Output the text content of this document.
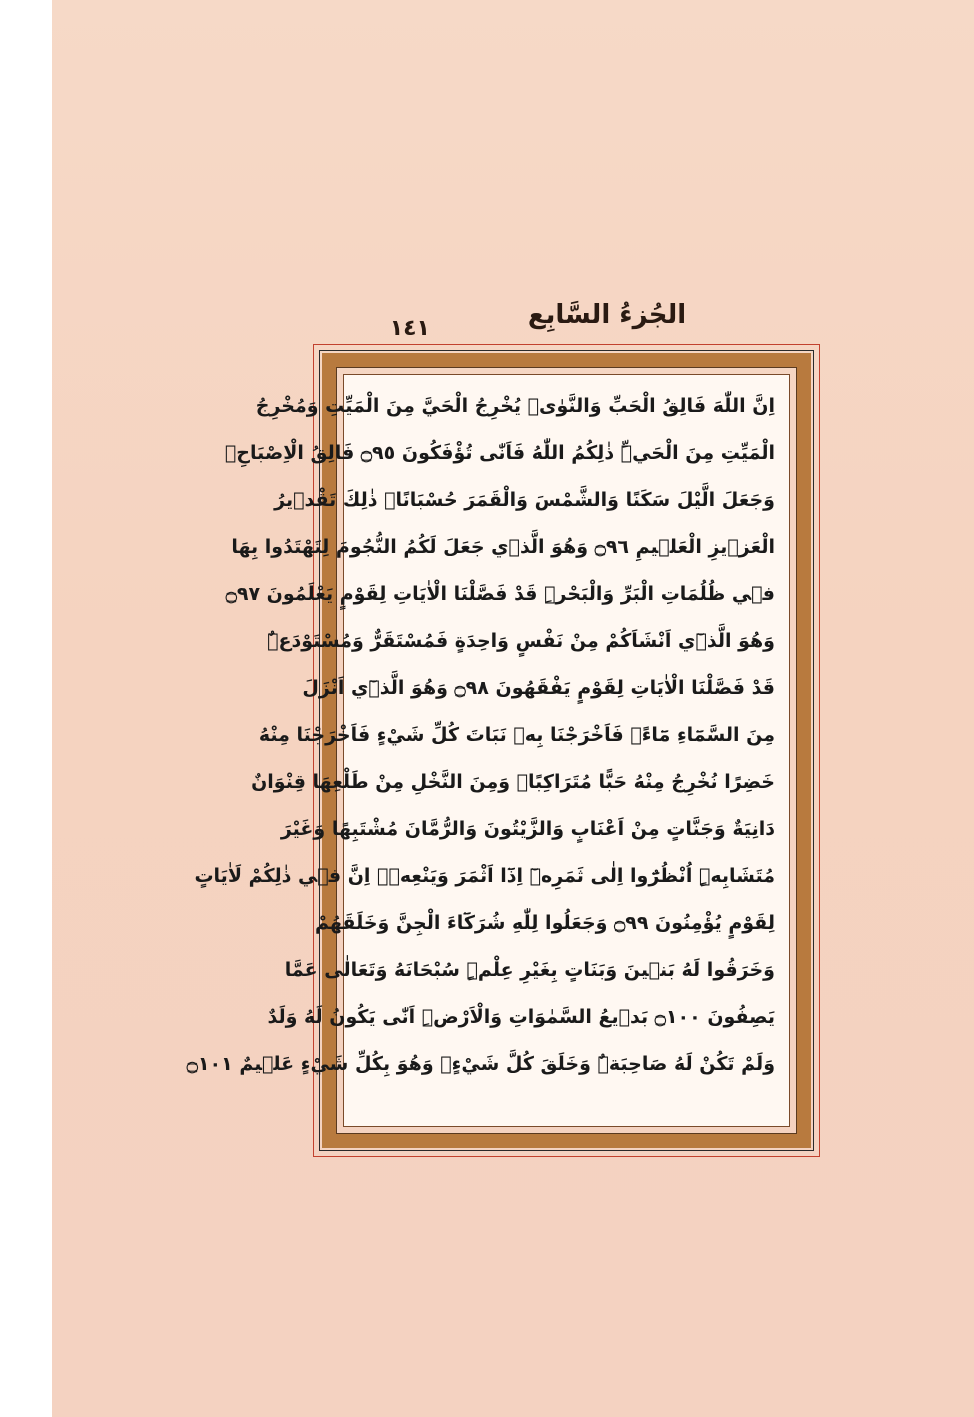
الجُزءُ السَّابِع
١٤١
اِنَّ اللّٰهَ فَالِقُ الْحَبِّ وَالنَّوٰىۜ يُخْرِجُ الْحَيَّ مِنَ الْمَيِّتِ وَمُخْرِجُ
الْمَيِّتِ مِنَ الْحَيِّۜ ذٰلِكُمُ اللّٰهُ فَاَنّٰى تُؤْفَكُونَ ۝٩٥ فَالِقُ الْاِصْبَاحِۚ
وَجَعَلَ الَّيْلَ سَكَنًا وَالشَّمْسَ وَالْقَمَرَ حُسْبَانًاۜ ذٰلِكَ تَقْد۪يرُ
الْعَز۪يزِ الْعَل۪يمِ ۝٩٦ وَهُوَ الَّذ۪ي جَعَلَ لَكُمُ النُّجُومَ لِتَهْتَدُوا بِهَا
ف۪ي ظُلُمَاتِ الْبَرِّ وَالْبَحْرِۜ قَدْ فَصَّلْنَا الْاٰيَاتِ لِقَوْمٍ يَعْلَمُونَ ۝٩٧
وَهُوَ الَّذ۪ٓي اَنْشَاَكُمْ مِنْ نَفْسٍ وَاحِدَةٍ فَمُسْتَقَرٌّ وَمُسْتَوْدَعٌۜ
قَدْ فَصَّلْنَا الْاٰيَاتِ لِقَوْمٍ يَفْقَهُونَ ۝٩٨ وَهُوَ الَّذ۪ٓي اَنْزَلَ
مِنَ السَّمَٓاءِ مَٓاءًۚ فَاَخْرَجْنَا بِه۪ نَبَاتَ كُلِّ شَيْءٍ فَاَخْرَجْنَا مِنْهُ
خَضِرًا نُخْرِجُ مِنْهُ حَبًّا مُتَرَاكِبًاۚ وَمِنَ النَّخْلِ مِنْ طَلْعِهَا قِنْوَانٌ
دَانِيَةٌ وَجَنَّاتٍ مِنْ اَعْنَابٍ وَالزَّيْتُونَ وَالرُّمَّانَ مُشْتَبِهًا وَغَيْرَ
مُتَشَابِهٍۜ اُنْظُرُٓوا اِلٰى ثَمَرِه۪ٓ اِذَٓا اَثْمَرَ وَيَنْعِه۪ۜ اِنَّ ف۪ي ذٰلِكُمْ لَاٰيَاتٍ
لِقَوْمٍ يُؤْمِنُونَ ۝٩٩ وَجَعَلُوا لِلّٰهِ شُرَكَٓاءَ الْجِنَّ وَخَلَقَهُمْ
وَخَرَقُوا لَهُ بَن۪ينَ وَبَنَاتٍ بِغَيْرِ عِلْمٍۜ سُبْحَانَهُ وَتَعَالٰى عَمَّا
يَصِفُونَ ۝١٠٠ بَد۪يعُ السَّمٰوَاتِ وَالْاَرْضِۜ اَنّٰى يَكُونُ لَهُ وَلَدٌ
وَلَمْ تَكُنْ لَهُ صَاحِبَةٌۜ وَخَلَقَ كُلَّ شَيْءٍۚ وَهُوَ بِكُلِّ شَيْءٍ عَل۪يمٌ ۝١٠١
